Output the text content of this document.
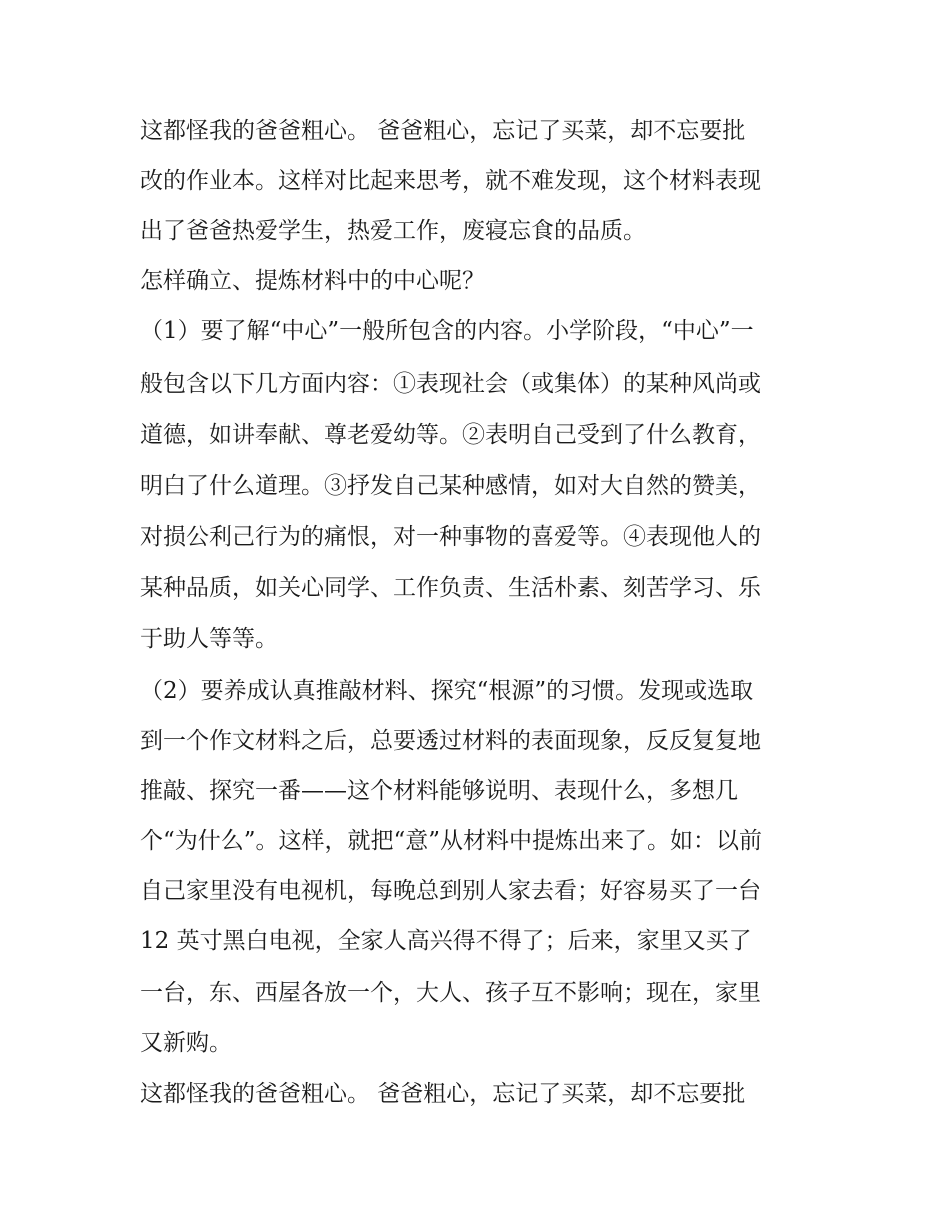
这都怪我的爸爸粗心。 爸爸粗心，忘记了买菜，却不忘要批
改的作业本。这样对比起来思考，就不难发现，这个材料表现
出了爸爸热爱学生，热爱工作，废寝忘食的品质。
怎样确立、提炼材料中的中心呢？
（1）要了解“中心”一般所包含的内容。小学阶段，“中心”一
般包含以下几方面内容：①表现社会（或集体）的某种风尚或
道德，如讲奉献、尊老爱幼等。②表明自己受到了什么教育，
明白了什么道理。③抒发自己某种感情，如对大自然的赞美，
对损公利己行为的痛恨，对一种事物的喜爱等。④表现他人的
某种品质，如关心同学、工作负责、生活朴素、刻苦学习、乐
于助人等等。
（2）要养成认真推敲材料、探究“根源”的习惯。发现或选取
到一个作文材料之后，总要透过材料的表面现象，反反复复地
推敲、探究一番——这个材料能够说明、表现什么，多想几
个“为什么”。这样，就把“意”从材料中提炼出来了。如：以前
自己家里没有电视机，每晚总到别人家去看；好容易买了一台
12 英寸黑白电视，全家人高兴得不得了；后来，家里又买了
一台，东、西屋各放一个，大人、孩子互不影响；现在，家里
又新购。
这都怪我的爸爸粗心。 爸爸粗心，忘记了买菜，却不忘要批
